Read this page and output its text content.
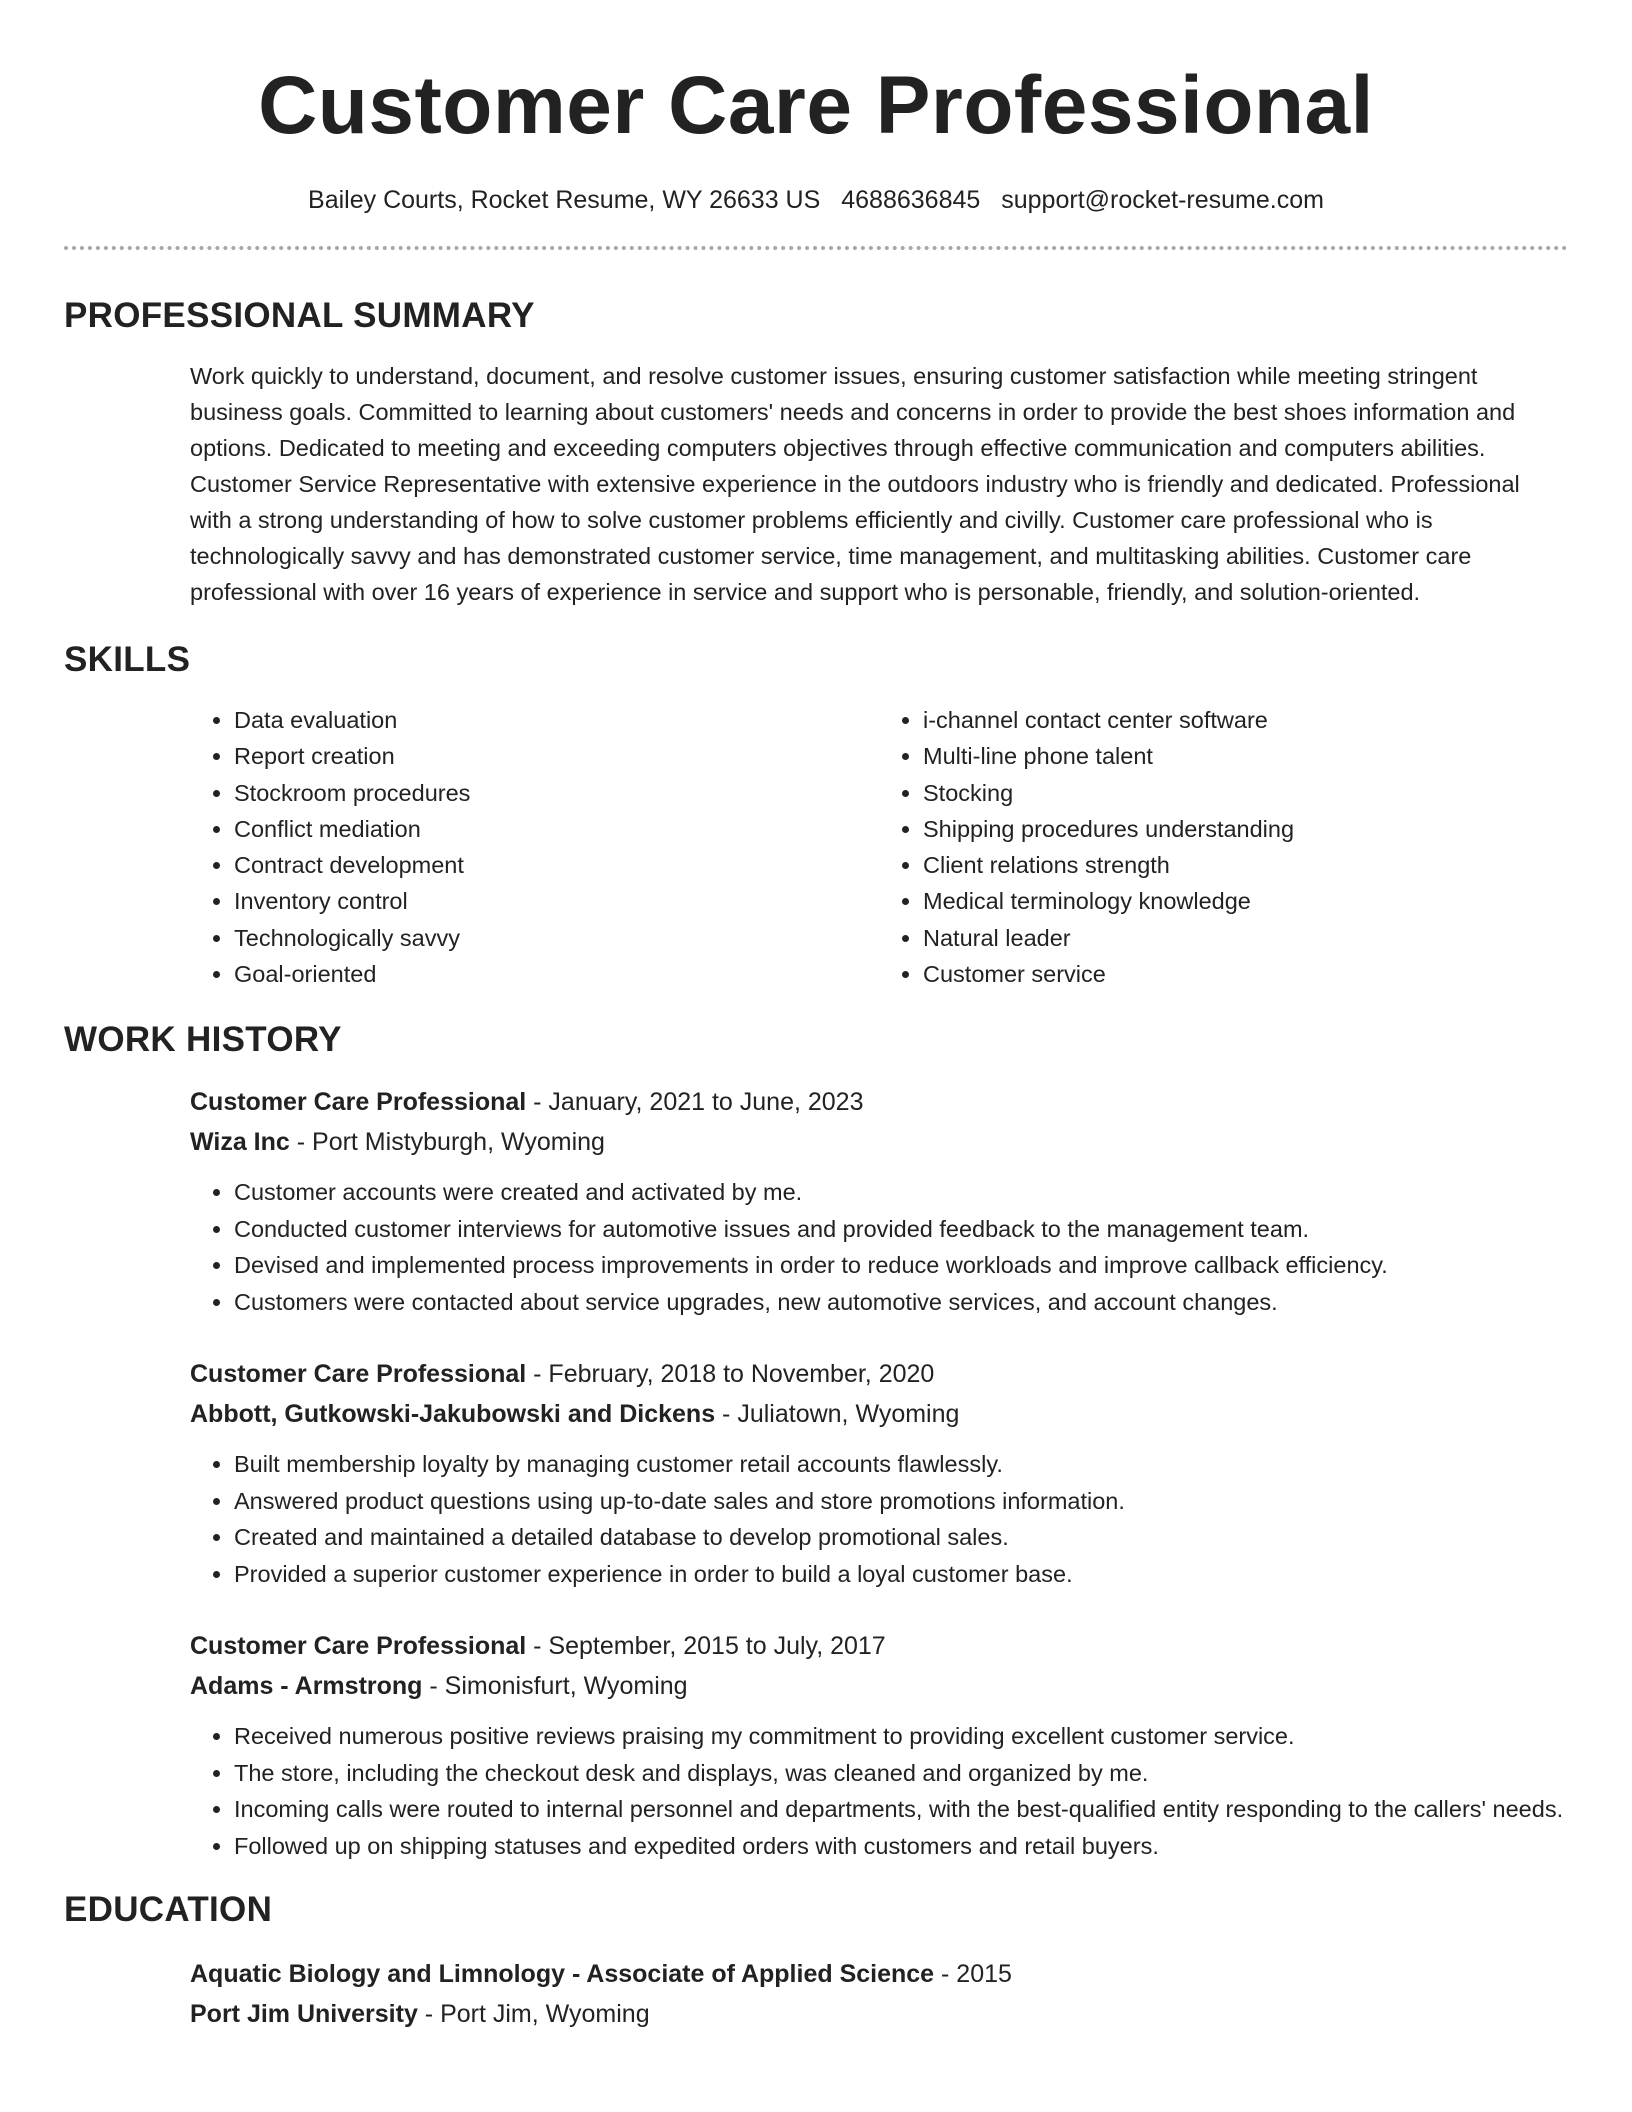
Customer Care Professional
Bailey Courts, Rocket Resume, WY 26633 US 4688636845 support@rocket-resume.com
PROFESSIONAL SUMMARY
Work quickly to understand, document, and resolve customer issues, ensuring customer satisfaction while meeting stringent business goals. Committed to learning about customers' needs and concerns in order to provide the best shoes information and options. Dedicated to meeting and exceeding computers objectives through effective communication and computers abilities. Customer Service Representative with extensive experience in the outdoors industry who is friendly and dedicated. Professional with a strong understanding of how to solve customer problems efficiently and civilly. Customer care professional who is technologically savvy and has demonstrated customer service, time management, and multitasking abilities. Customer care professional with over 16 years of experience in service and support who is personable, friendly, and solution-oriented.
SKILLS
• Data evaluation
• Report creation
• Stockroom procedures
• Conflict mediation
• Contract development
• Inventory control
• Technologically savvy
• Goal-oriented
• i-channel contact center software
• Multi-line phone talent
• Stocking
• Shipping procedures understanding
• Client relations strength
• Medical terminology knowledge
• Natural leader
• Customer service
WORK HISTORY
Customer Care Professional - January, 2021 to June, 2023
Wiza Inc - Port Mistyburgh, Wyoming
• Customer accounts were created and activated by me.
• Conducted customer interviews for automotive issues and provided feedback to the management team.
• Devised and implemented process improvements in order to reduce workloads and improve callback efficiency.
• Customers were contacted about service upgrades, new automotive services, and account changes.
Customer Care Professional - February, 2018 to November, 2020
Abbott, Gutkowski-Jakubowski and Dickens - Juliatown, Wyoming
• Built membership loyalty by managing customer retail accounts flawlessly.
• Answered product questions using up-to-date sales and store promotions information.
• Created and maintained a detailed database to develop promotional sales.
• Provided a superior customer experience in order to build a loyal customer base.
Customer Care Professional - September, 2015 to July, 2017
Adams - Armstrong - Simonisfurt, Wyoming
• Received numerous positive reviews praising my commitment to providing excellent customer service.
• The store, including the checkout desk and displays, was cleaned and organized by me.
• Incoming calls were routed to internal personnel and departments, with the best-qualified entity responding to the callers' needs.
• Followed up on shipping statuses and expedited orders with customers and retail buyers.
EDUCATION
Aquatic Biology and Limnology - Associate of Applied Science - 2015
Port Jim University - Port Jim, Wyoming
